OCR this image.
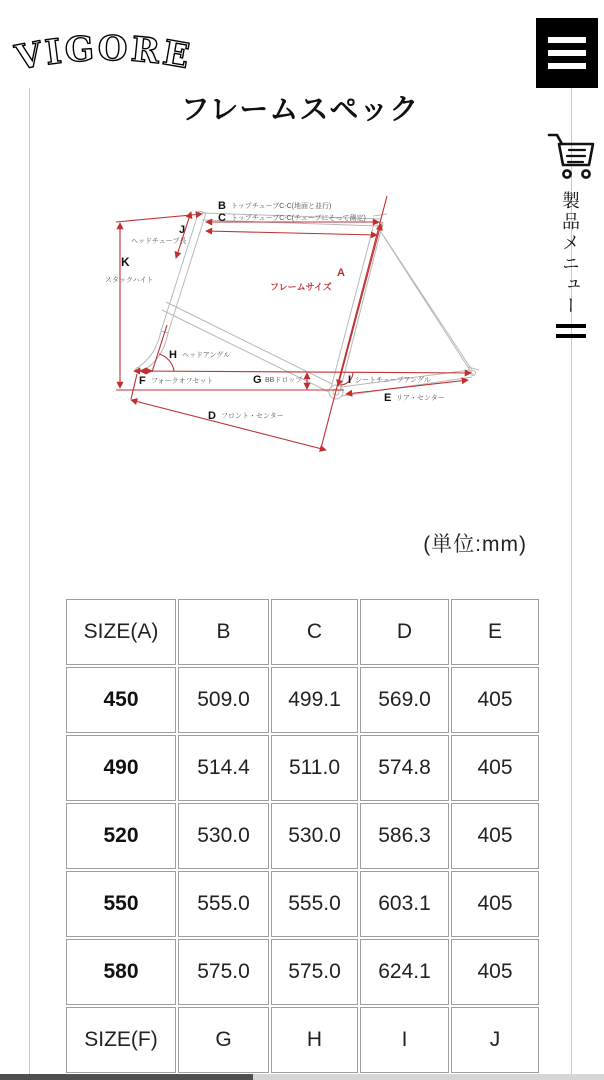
VIGORE
製品メニュー
フレームスペック
B トップチューブC-C(地面と並行)
C トップチューブC-C(チューブにそって測定)
J
ヘッドチューブ長
K
スタックハイト
A
フレームサイズ
H ヘッドアングル
F フォークオフセット	G BBドロップ	I シートチューブアングル
E リア・センター
D フロント・センター
(単位:mm)
SIZE(A)	B	C	D	E
450	509.0	499.1	569.0	405
490	514.4	511.0	574.8	405
520	530.0	530.0	586.3	405
550	555.0	555.0	603.1	405
580	575.0	575.0	624.1	405
SIZE(F)	G	H	I	J
